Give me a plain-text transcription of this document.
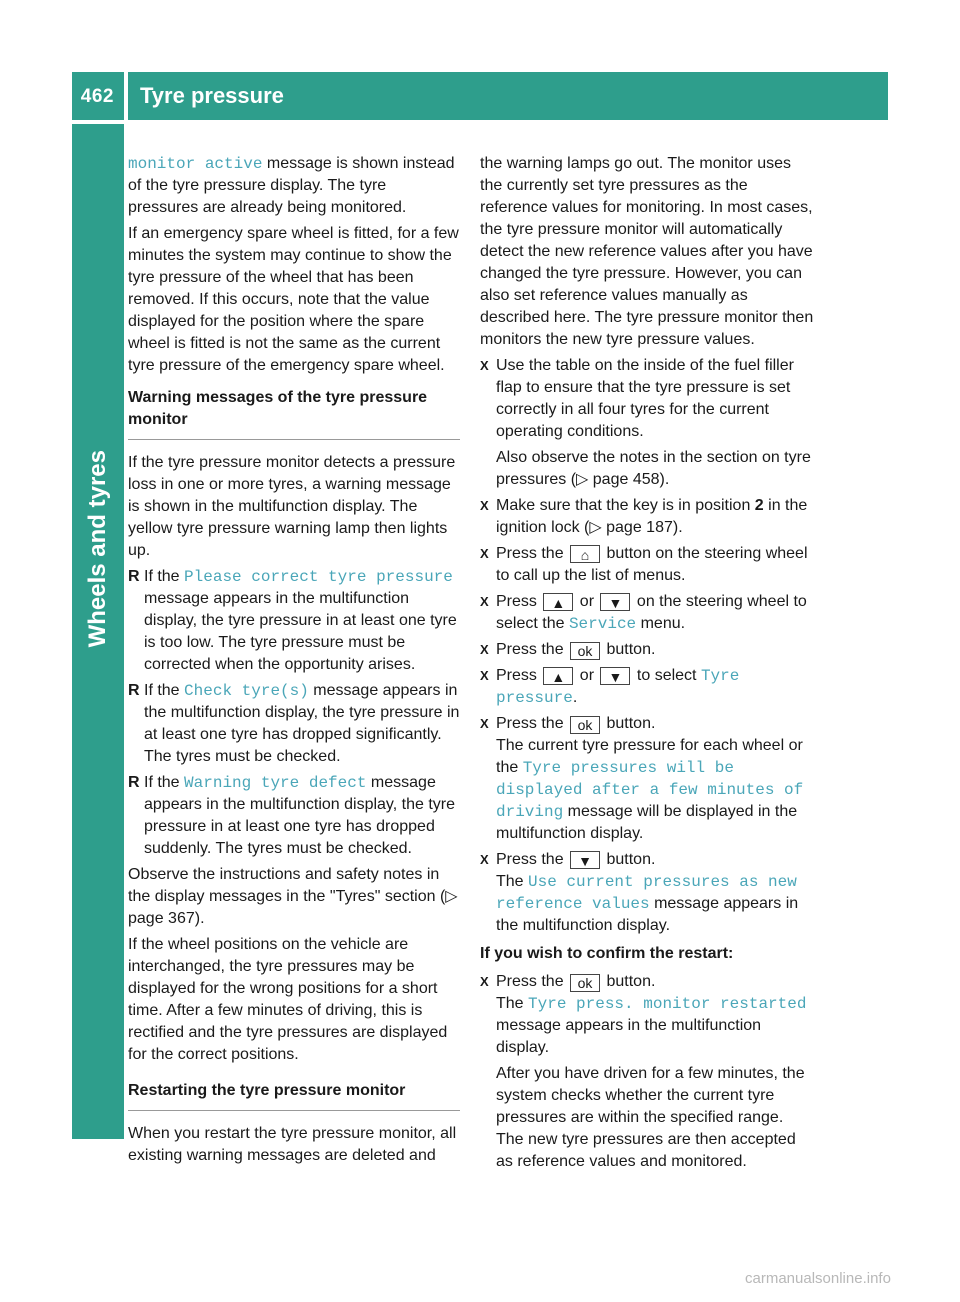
462 Tyre pressure
Wheels and tyres

monitor active message is shown instead of the tyre pressure display. The tyre pressures are already being monitored.

If an emergency spare wheel is fitted, for a few minutes the system may continue to show the tyre pressure of the wheel that has been removed. If this occurs, note that the value displayed for the position where the spare wheel is fitted is not the same as the current tyre pressure of the emergency spare wheel.

Warning messages of the tyre pressure monitor

If the tyre pressure monitor detects a pressure loss in one or more tyres, a warning message is shown in the multifunction display. The yellow tyre pressure warning lamp then lights up.

R If the Please correct tyre pressure message appears in the multifunction display, the tyre pressure in at least one tyre is too low. The tyre pressure must be corrected when the opportunity arises.
R If the Check tyre(s) message appears in the multifunction display, the tyre pressure in at least one tyre has dropped significantly. The tyres must be checked.
R If the Warning tyre defect message appears in the multifunction display, the tyre pressure in at least one tyre has dropped suddenly. The tyres must be checked.

Observe the instructions and safety notes in the display messages in the "Tyres" section (▷ page 367).

If the wheel positions on the vehicle are interchanged, the tyre pressures may be displayed for the wrong positions for a short time. After a few minutes of driving, this is rectified and the tyre pressures are displayed for the correct positions.

Restarting the tyre pressure monitor

When you restart the tyre pressure monitor, all existing warning messages are deleted and

the warning lamps go out. The monitor uses the currently set tyre pressures as the reference values for monitoring. In most cases, the tyre pressure monitor will automatically detect the new reference values after you have changed the tyre pressure. However, you can also set reference values manually as described here. The tyre pressure monitor then monitors the new tyre pressure values.

X Use the table on the inside of the fuel filler flap to ensure that the tyre pressure is set correctly in all four tyres for the current operating conditions.
Also observe the notes in the section on tyre pressures (▷ page 458).
X Make sure that the key is in position 2 in the ignition lock (▷ page 187).
X Press the ⌂ button on the steering wheel to call up the list of menus.
X Press ▲ or ▼ on the steering wheel to select the Service menu.
X Press the ok button.
X Press ▲ or ▼ to select Tyre pressure.
X Press the ok button.
The current tyre pressure for each wheel or the Tyre pressures will be displayed after a few minutes of driving message will be displayed in the multifunction display.
X Press the ▼ button.
The Use current pressures as new reference values message appears in the multifunction display.
If you wish to confirm the restart:
X Press the ok button.
The Tyre press. monitor restarted message appears in the multifunction display.
After you have driven for a few minutes, the system checks whether the current tyre pressures are within the specified range. The new tyre pressures are then accepted as reference values and monitored.
carmanualsonline.info
